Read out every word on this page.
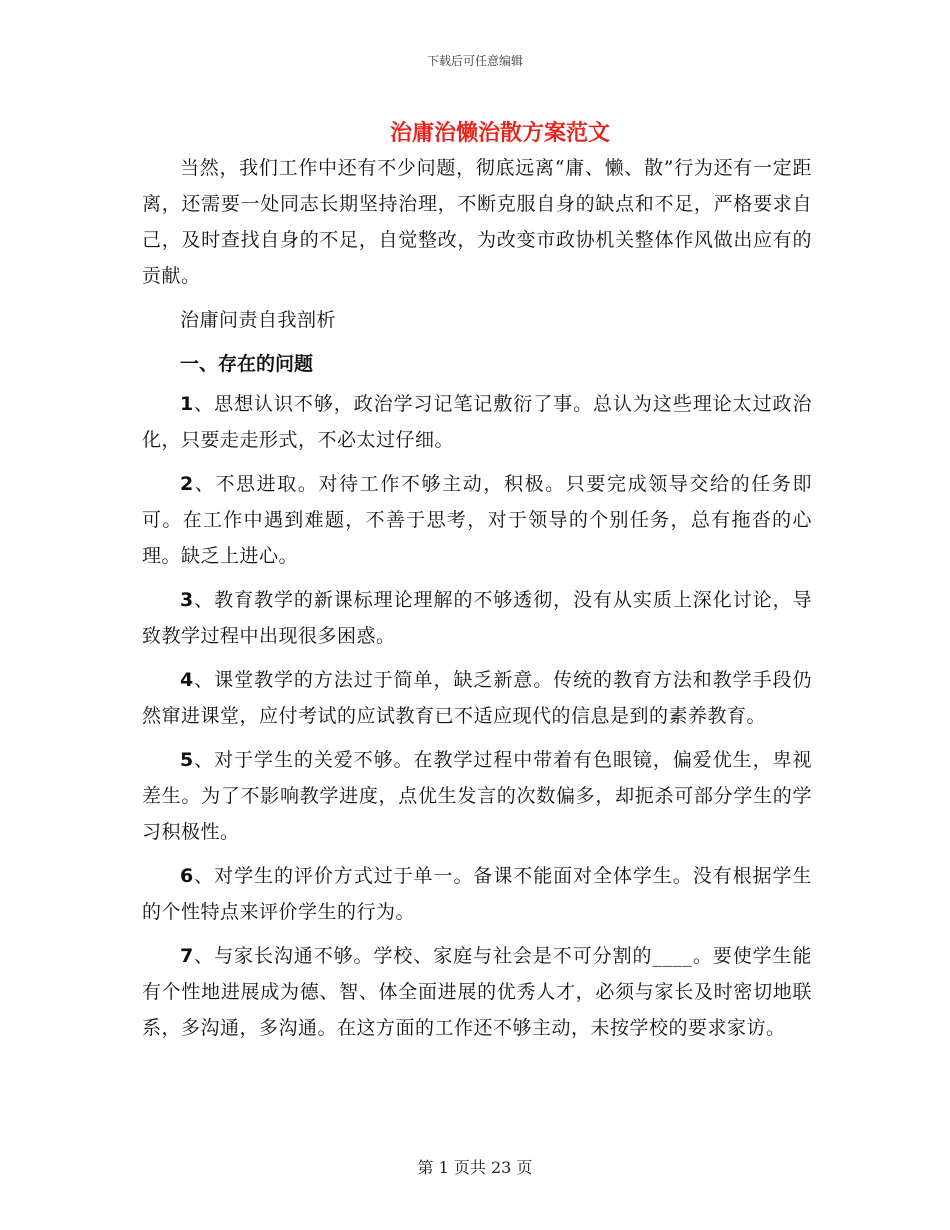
下载后可任意编辑
治庸治懒治散方案范文

当然，我们工作中还有不少问题，彻底远离“庸、懒、散”行为还有一定距离，还需要一处同志长期坚持治理，不断克服自身的缺点和不足，严格要求自己，及时查找自身的不足，自觉整改，为改变市政协机关整体作风做出应有的贡献。

治庸问责自我剖析

一、存在的问题

1、思想认识不够，政治学习记笔记敷衍了事。总认为这些理论太过政治化，只要走走形式，不必太过仔细。

2、不思进取。对待工作不够主动，积极。只要完成领导交给的任务即可。在工作中遇到难题，不善于思考，对于领导的个别任务，总有拖沓的心理。缺乏上进心。

3、教育教学的新课标理论理解的不够透彻，没有从实质上深化讨论，导致教学过程中出现很多困惑。

4、课堂教学的方法过于简单，缺乏新意。传统的教育方法和教学手段仍然窜进课堂，应付考试的应试教育已不适应现代的信息是到的素养教育。

5、对于学生的关爱不够。在教学过程中带着有色眼镜，偏爱优生，卑视差生。为了不影响教学进度，点优生发言的次数偏多，却扼杀可部分学生的学习积极性。

6、对学生的评价方式过于单一。备课不能面对全体学生。没有根据学生的个性特点来评价学生的行为。

7、与家长沟通不够。学校、家庭与社会是不可分割的____。要使学生能有个性地进展成为德、智、体全面进展的优秀人才，必须与家长及时密切地联系，多沟通，多沟通。在这方面的工作还不够主动，未按学校的要求家访。

第 1 页共 23 页
